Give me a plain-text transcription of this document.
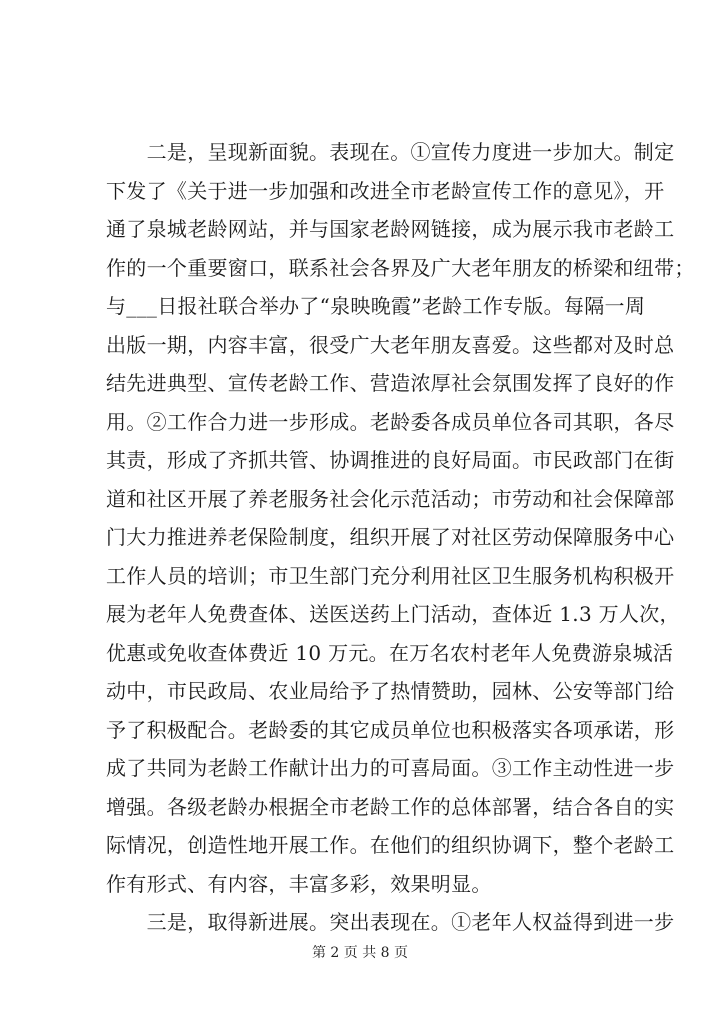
　　二是，呈现新面貌。表现在。①宣传力度进一步加大。制定
下发了《关于进一步加强和改进全市老龄宣传工作的意见》，开
通了泉城老龄网站，并与国家老龄网链接，成为展示我市老龄工
作的一个重要窗口，联系社会各界及广大老年朋友的桥梁和纽带；
与___日报社联合举办了“泉映晚霞”老龄工作专版。每隔一周
出版一期，内容丰富，很受广大老年朋友喜爱。这些都对及时总
结先进典型、宣传老龄工作、营造浓厚社会氛围发挥了良好的作
用。②工作合力进一步形成。老龄委各成员单位各司其职，各尽
其责，形成了齐抓共管、协调推进的良好局面。市民政部门在街
道和社区开展了养老服务社会化示范活动；市劳动和社会保障部
门大力推进养老保险制度，组织开展了对社区劳动保障服务中心
工作人员的培训；市卫生部门充分利用社区卫生服务机构积极开
展为老年人免费查体、送医送药上门活动，查体近 1.3 万人次，
优惠或免收查体费近 10 万元。在万名农村老年人免费游泉城活
动中，市民政局、农业局给予了热情赞助，园林、公安等部门给
予了积极配合。老龄委的其它成员单位也积极落实各项承诺，形
成了共同为老龄工作献计出力的可喜局面。③工作主动性进一步
增强。各级老龄办根据全市老龄工作的总体部署，结合各自的实
际情况，创造性地开展工作。在他们的组织协调下，整个老龄工
作有形式、有内容，丰富多彩，效果明显。
　　三是，取得新进展。突出表现在。①老年人权益得到进一步
第 2 页 共 8 页
